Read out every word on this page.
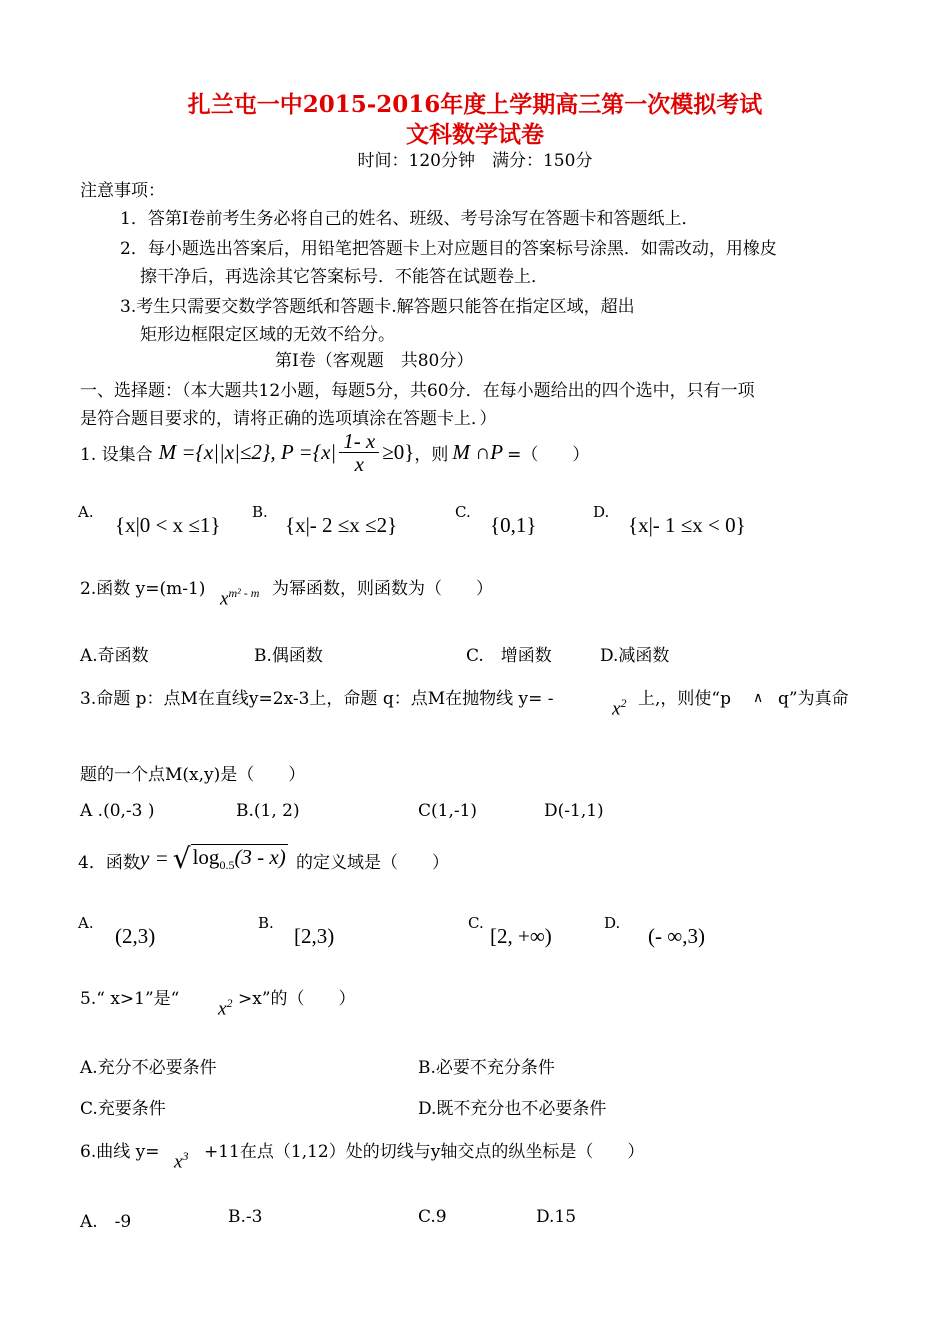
扎兰屯一中2015-2016年度上学期高三第一次模拟考试
文科数学试卷
时间：120分钟　满分：150分
注意事项：
1．答第Ⅰ卷前考生务必将自己的姓名、班级、考号涂写在答题卡和答题纸上．
2．每小题选出答案后，用铅笔把答题卡上对应题目的答案标号涂黑．如需改动，用橡皮
擦干净后，再选涂其它答案标号．不能答在试题卷上．
3.考生只需要交数学答题纸和答题卡.解答题只能答在指定区域，超出
矩形边框限定区域的无效不给分。
第Ⅰ卷（客观题　共80分）
一、选择题：（本大题共12小题，每题5分，共60分．在每小题给出的四个选中，只有一项
是符合题目要求的，请将正确的选项填涂在答题卡上．）
1. 设集合 M ={x||x|≤2}, $P =\{x| \frac{1- x}{x} \ge 0\}$ ，则 M ∩P =（　　）
A.
{x|0 < x ≤1}
B.
{x|- 2 ≤x ≤2}
C.
{0,1}
D.
{x|- 1 ≤x < 0}
2.函数 y=(m-1) $x^{m^2 - m}$ 为幂函数，则函数为（　　）
A.奇函数	B.偶函数	C.　增函数	D.减函数
3.命题 p：点M在直线y=2x-3上，命题 q：点M在抛物线 y= -	$x^2$ 上,，则使“p ∧ q”为真命
题的一个点M(x,y)是（　　）
A .(0,-3 )	B.(1, 2)	C(1,-1)	D(-1,1)
4．函数 y = √ $\log_{0.5}(3 - x)$ 的定义域是（　　）
A.
(2,3)
B.
[2,3)
C.
[2, +∞)
D.
(- ∞,3)
5.“ x>1”是“ $x^2 >x$”的（　　）
A.充分不必要条件	B.必要不充分条件
C.充要条件	D.既不充分也不必要条件
6.曲线 $y= x^3 +11$在点（1,12）处的切线与y轴交点的纵坐标是（　　）
A.　-9	B.-3	C.9	D.15
